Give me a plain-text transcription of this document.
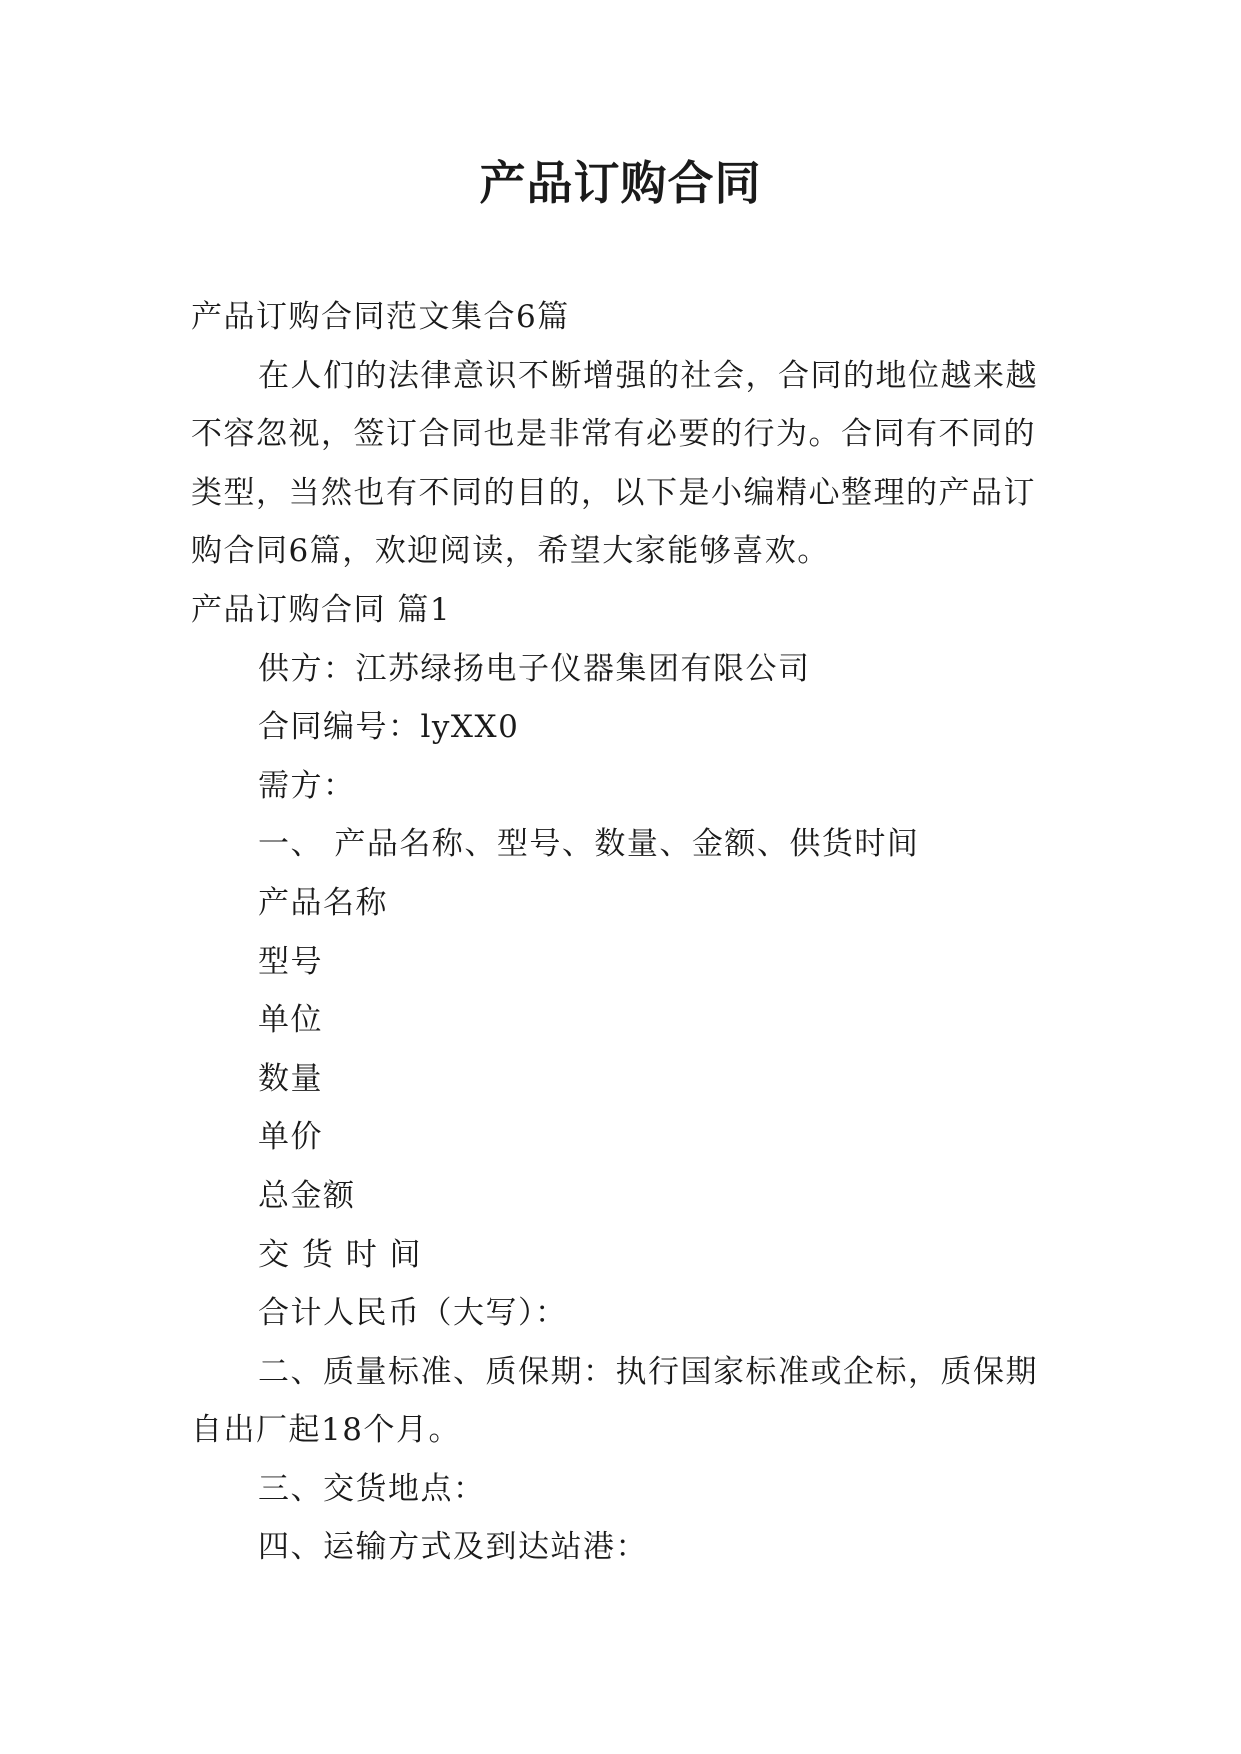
产品订购合同
产品订购合同范文集合6篇
在人们的法律意识不断增强的社会，合同的地位越来越
不容忽视，签订合同也是非常有必要的行为。合同有不同的
类型，当然也有不同的目的，以下是小编精心整理的产品订
购合同6篇，欢迎阅读，希望大家能够喜欢。
产品订购合同 篇1
供方：江苏绿扬电子仪器集团有限公司
合同编号：lyXX0
需方：
一、 产品名称、型号、数量、金额、供货时间
产品名称
型号
单位
数量
单价
总金额
交 货 时 间
合计人民币（大写）：
二、质量标准、质保期：执行国家标准或企标，质保期
自出厂起18个月。
三、交货地点：
四、运输方式及到达站港：
